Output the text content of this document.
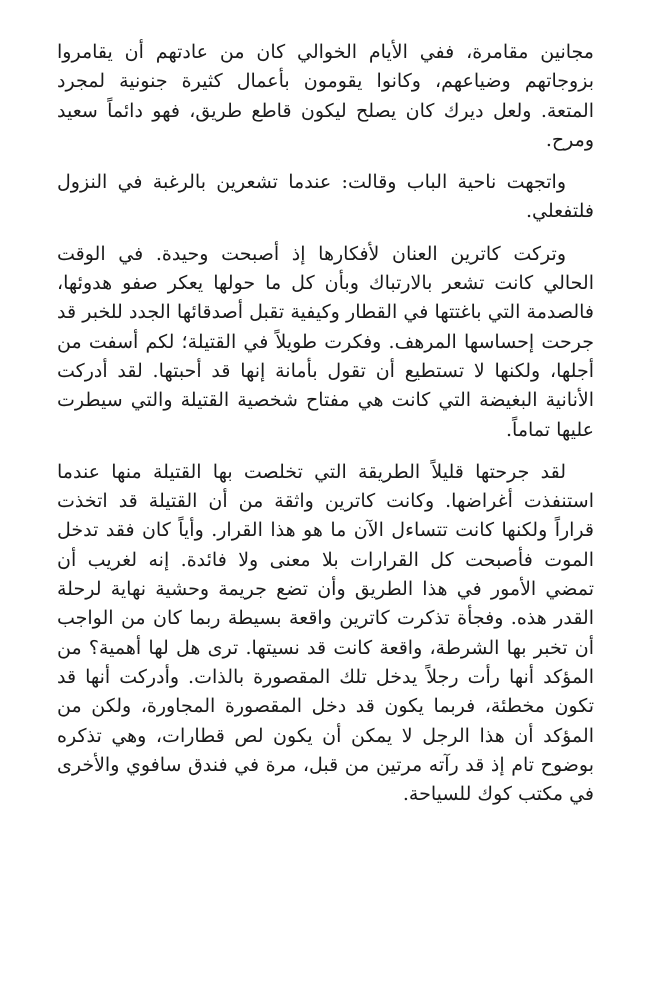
مجانين مقامرة، ففي الأيام الخوالي كان من عادتهم أن يقامروا بزوجاتهم وضياعهم، وكانوا يقومون بأعمال كثيرة جنونية لمجرد المتعة. ولعل ديرك كان يصلح ليكون قاطع طريق، فهو دائماً سعيد ومرح.

واتجهت ناحية الباب وقالت: عندما تشعرين بالرغبة في النزول فلتفعلي.

وتركت كاترين العنان لأفكارها إذ أصبحت وحيدة. في الوقت الحالي كانت تشعر بالارتباك وبأن كل ما حولها يعكر صفو هدوئها، فالصدمة التي باغتتها في القطار وكيفية تقبل أصدقائها الجدد للخبر قد جرحت إحساسها المرهف. وفكرت طويلاً في القتيلة؛ لكم أسفت من أجلها، ولكنها لا تستطيع أن تقول بأمانة إنها قد أحبتها. لقد أدركت الأنانية البغيضة التي كانت هي مفتاح شخصية القتيلة والتي سيطرت عليها تماماً.

لقد جرحتها قليلاً الطريقة التي تخلصت بها القتيلة منها عندما استنفذت أغراضها. وكانت كاترين واثقة من أن القتيلة قد اتخذت قراراً ولكنها كانت تتساءل الآن ما هو هذا القرار. وأياً كان فقد تدخل الموت فأصبحت كل القرارات بلا معنى ولا فائدة. إنه لغريب أن تمضي الأمور في هذا الطريق وأن تضع جريمة وحشية نهاية لرحلة القدر هذه. وفجأة تذكرت كاترين واقعة بسيطة ربما كان من الواجب أن تخبر بها الشرطة، واقعة كانت قد نسيتها. ترى هل لها أهمية؟ من المؤكد أنها رأت رجلاً يدخل تلك المقصورة بالذات. وأدركت أنها قد تكون مخطئة، فربما يكون قد دخل المقصورة المجاورة، ولكن من المؤكد أن هذا الرجل لا يمكن أن يكون لص قطارات، وهي تذكره بوضوح تام إذ قد رآته مرتين من قبل، مرة في فندق سافوي والأخرى في مكتب كوك للسياحة.
